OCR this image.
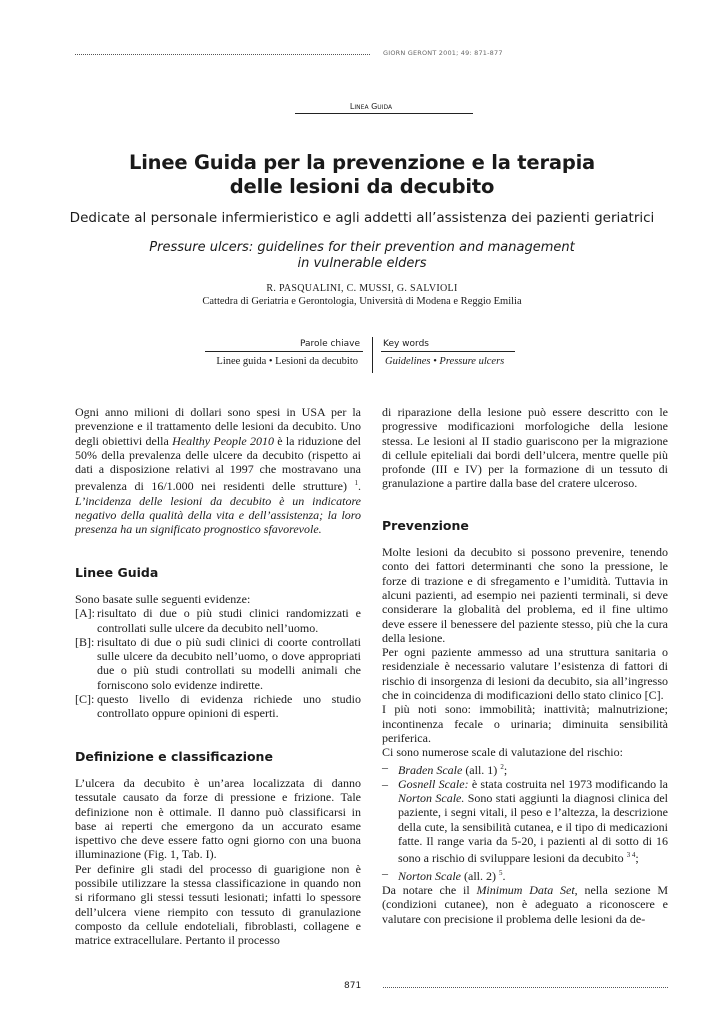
GIORN GERONT 2001; 49: 871-877
LINEA GUIDA
Linee Guida per la prevenzione e la terapia
delle lesioni da decubito
Dedicate al personale infermieristico e agli addetti all’assistenza dei pazienti geriatrici
Pressure ulcers: guidelines for their prevention and management
in vulnerable elders
R. PASQUALINI, C. MUSSI, G. SALVIOLI
Cattedra di Geriatria e Gerontologia, Università di Modena e Reggio Emilia
Parole chiave	Key words
Linee guida • Lesioni da decubito	Guidelines • Pressure ulcers

Ogni anno milioni di dollari sono spesi in USA per la prevenzione e il trattamento delle lesioni da decubito. Uno degli obiettivi della Healthy People 2010 è la riduzione del 50% della prevalenza delle ulcere da decubito (rispetto ai dati a disposizione relativi al 1997 che mostravano una prevalenza di 16/1.000 nei residenti delle strutture) $^1$. L’incidenza delle lesioni da decubito è un indicatore negativo della qualità della vita e dell’assistenza; la loro presenza ha un significato prognostico sfavorevole.

Linee Guida

Sono basate sulle seguenti evidenze:

[A]: risultato di due o più studi clinici randomizzati e controllati sulle ulcere da decubito nell’uomo.
[B]: risultato di due o più sudi clinici di coorte controllati sulle ulcere da decubito nell’uomo, o dove appropriati due o più studi controllati su modelli animali che forniscono solo evidenze indirette.
[C]: questo livello di evidenza richiede uno studio controllato oppure opinioni di esperti.
Definizione e classificazione

L’ulcera da decubito è un’area localizzata di danno tessutale causato da forze di pressione e frizione. Tale definizione non è ottimale. Il danno può classificarsi in base ai reperti che emergono da un accurato esame ispettivo che deve essere fatto ogni giorno con una buona illuminazione (Fig. 1, Tab. I).

Per definire gli stadi del processo di guarigione non è possibile utilizzare la stessa classificazione in quando non si riformano gli stessi tessuti lesionati; infatti lo spessore dell’ulcera viene riempito con tessuto di granulazione composto da cellule endoteliali, fibroblasti, collagene e matrice extracellulare. Pertanto il processo

di riparazione della lesione può essere descritto con le progressive modificazioni morfologiche della lesione stessa. Le lesioni al II stadio guariscono per la migrazione di cellule epiteliali dai bordi dell’ulcera, mentre quelle più profonde (III e IV) per la formazione di un tessuto di granulazione a partire dalla base del cratere ulceroso.

Prevenzione

Molte lesioni da decubito si possono prevenire, tenendo conto dei fattori determinanti che sono la pressione, le forze di trazione e di sfregamento e l’umidità. Tuttavia in alcuni pazienti, ad esempio nei pazienti terminali, si deve considerare la globalità del problema, ed il fine ultimo deve essere il benessere del paziente stesso, più che la cura della lesione.

Per ogni paziente ammesso ad una struttura sanitaria o residenziale è necessario valutare l’esistenza di fattori di rischio di insorgenza di lesioni da decubito, sia all’ingresso che in coincidenza di modificazioni dello stato clinico [C].

I più noti sono: immobilità; inattività; malnutrizione; incontinenza fecale o urinaria; diminuita sensibilità periferica.

Ci sono numerose scale di valutazione del rischio:

– Braden Scale (all. 1) $^2$;
– Gosnell Scale: è stata costruita nel 1973 modificando la Norton Scale. Sono stati aggiunti la diagnosi clinica del paziente, i segni vitali, il peso e l’altezza, la descrizione della cute, la sensibilità cutanea, e il tipo di medicazioni fatte. Il range varia da 5-20, i pazienti al di sotto di 16 sono a rischio di sviluppare lesioni da decubito $^{3 4}$;
– Norton Scale (all. 2) $^5$.

Da notare che il Minimum Data Set, nella sezione M (condizioni cutanee), non è adeguato a riconoscere e valutare con precisione il problema delle lesioni da de-

871
